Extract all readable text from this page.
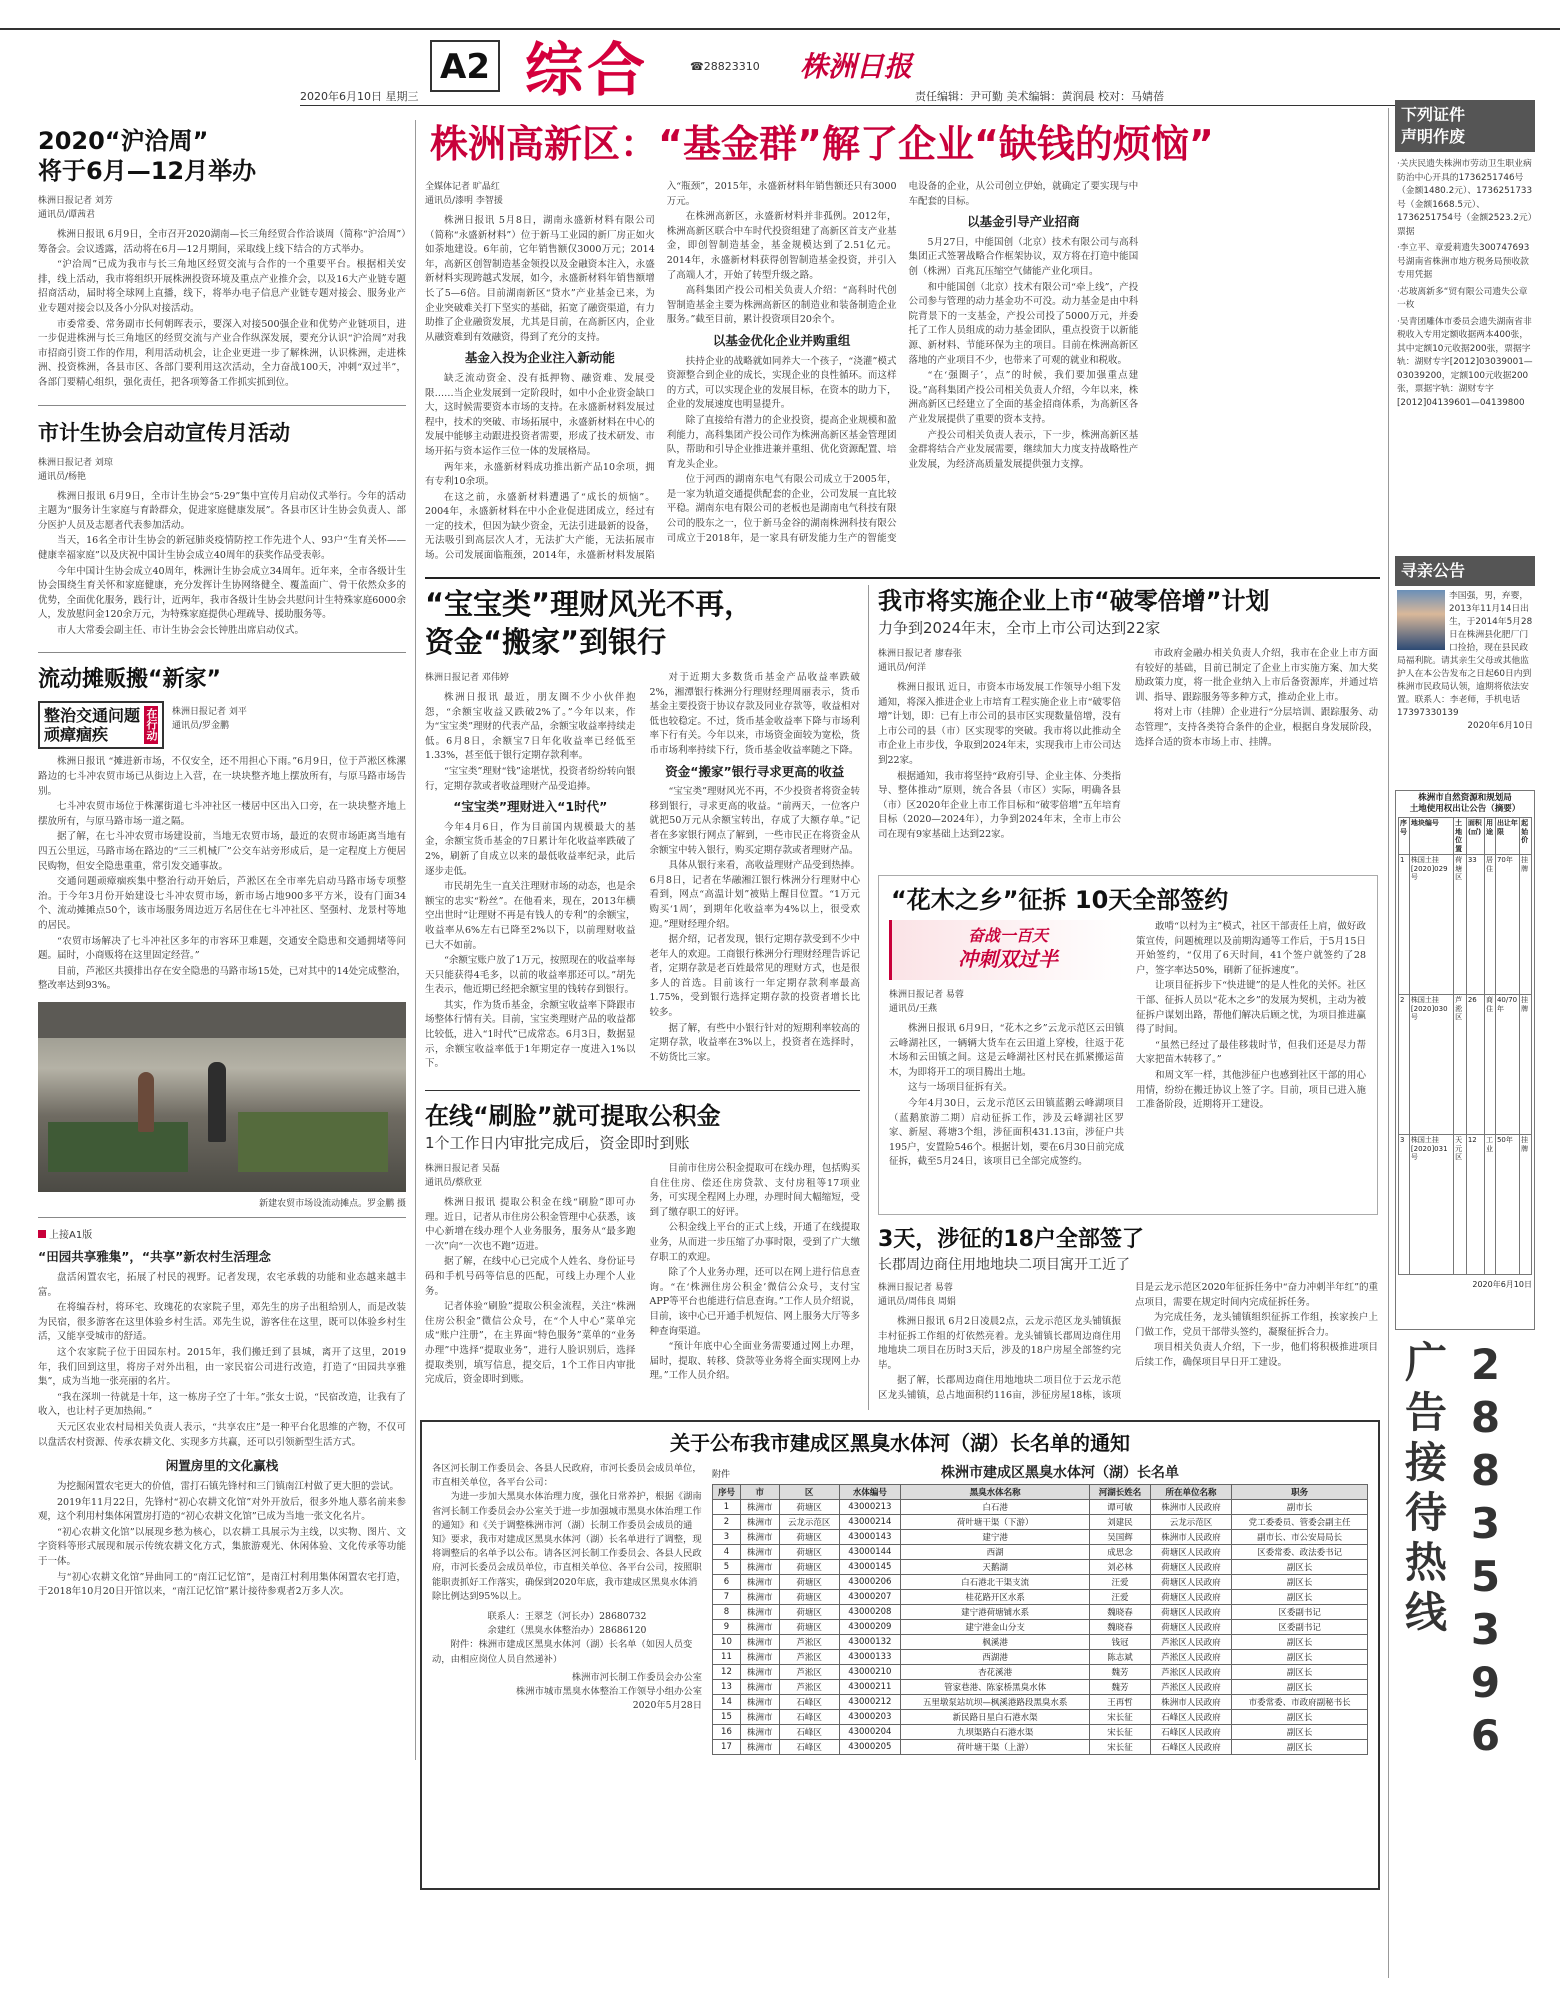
A2
2020年6月10日 星期三 综合	☎28823310 株洲日报
责任编辑：尹可勤 美术编辑：黄润晨 校对：马婧蓓
2020“沪洽周”
将于6月—12月举办
株洲日报记者 刘芳
通讯员/谭茜君

株洲日报讯 6月9日，全市召开2020湖南—长三角经贸合作洽谈周（简称“沪洽周”）筹备会。会议透露，活动将在6月—12月期间，采取线上线下结合的方式举办。

“沪洽周”已成为我市与长三角地区经贸交流与合作的一个重要平台。根据相关安排，线上活动，我市将组织开展株洲投资环境及重点产业推介会，以及16大产业链专题招商活动，届时将全球网上直播，线下，将举办电子信息产业链专题对接会、服务业产业专题对接会以及各小分队对接活动。

市委常委、常务副市长何朝晖表示，要深入对接500强企业和优势产业链项目，进一步促进株洲与长三角地区的经贸交流与产业合作纵深发展，要充分认识“沪洽周”对我市招商引资工作的作用，利用活动机会，让企业更进一步了解株洲，认识株洲，走进株洲、投资株洲，各县市区、各部门要利用这次活动，全力奋战100天，冲刺“双过半”，各部门要精心组织，强化责任，把各项筹备工作抓实抓到位。

市计生协会启动宣传月活动
株洲日报记者 刘琼
通讯员/杨艳

株洲日报讯 6月9日，全市计生协会“5·29”集中宣传月启动仪式举行。今年的活动主题为“服务计生家庭与育龄群众，促进家庭健康发展”。各县市区计生协会负责人、部分医护人员及志愿者代表参加活动。

当天，16名全市计生协会的新冠肺炎疫情防控工作先进个人、93户“生育关怀——健康幸福家庭”以及庆祝中国计生协会成立40周年的获奖作品受表彰。

今年中国计生协会成立40周年，株洲计生协会成立34周年。近年来，全市各级计生协会围绕生育关怀和家庭健康，充分发挥计生协网络健全、覆盖面广、骨干依然众多的优势，全面优化服务，践行计，近两年，我市各级计生协会共慰问计生特殊家庭6000余人，发放慰问金120余万元，为特殊家庭提供心理疏导、援助服务等。

市人大常委会副主任、市计生协会会长钟胜出席启动仪式。

流动摊贩搬“新家”
整治交通问题
顽瘴痼疾	在行动 株洲日报记者 刘平
通讯员/罗金鹏

株洲日报讯 “摊进新市场，不仅安全，还不用担心下雨。”6月9日，位于芦淞区株漯路边的七斗冲农贸市场已从街边上入营，在一块块整齐地上摆放所有，与原马路市场告别。

七斗冲农贸市场位于株漯街道七斗冲社区一楼居中区出入口旁，在一块块整齐地上摆放所有，与原马路市场一道之隔。

据了解，在七斗冲农贸市场建设前，当地无农贸市场，最近的农贸市场距离当地有四五公里远，马路市场在路边的“三三机械厂”公交车站旁形成后，是一定程度上方便居民购物，但安全隐患重重，常引发交通事故。

交通问题顽瘴痼疾集中整治行动开始后，芦淞区在全市率先启动马路市场专项整治。于今年3月份开始建设七斗冲农贸市场，新市场占地900多平方米，设有门面34个、流动摊摊点50个，该市场服务周边近万名居住在七斗冲社区、坚强村、龙景村等地的居民。

“农贸市场解决了七斗冲社区多年的市容环卫难题，交通安全隐患和交通拥堵等问题。届时，小商贩将在这里固定经营。”

目前，芦淞区共摸排出存在安全隐患的马路市场15处，已对其中的14处完成整治，整改率达到93%。

新建农贸市场设流动摊点。罗金鹏 摄
上接A1版
“田园共享雅集”，“共享”新农村生活理念

盘活闲置农宅，拓展了村民的视野。记者发现，农宅承载的功能和业态越来越丰富。

在将编吞村，将环宅、玫瑰花的农家院子里，邓先生的房子出租给别人，而是改装为民宿，很多游客在这里体验乡村生活。邓先生说，游客住在这里，既可以体验乡村生活，又能享受城市的舒适。

这个农家院子位于田园东村。2015年，我们搬迁到了县城，离开了这里，2019年，我们回到这里，将房子对外出租，由一家民宿公司进行改造，打造了“田园共享雅集”，成为当地一张亮丽的名片。

“我在深圳一待就是十年，这一栋房子空了十年。”张女士说，“民宿改造，让我有了收入，也让村子更加热闹。”

天元区农业农村局相关负责人表示，“共享农庄”是一种平台化思维的产物，不仅可以盘活农村资源、传承农耕文化、实现多方共赢，还可以引领新型生活方式。

闲置房里的文化赢栈

为挖掘闲置农宅更大的价值，雷打石镇先锋村和三门镇南江村做了更大胆的尝试。

2019年11月22日，先锋村“初心农耕文化馆”对外开放后，很多外地人慕名前来参观，这个利用村集体闲置房打造的“初心农耕文化馆”已成为当地一张文化名片。

“初心农耕文化馆”以展现乡愁为核心，以农耕工具展示为主线，以实物、图片、文字资料等形式展现和展示传统农耕文化方式，集旅游观光、休闲体验、文化传承等功能于一体。

与“初心农耕文化馆”异曲同工的“南江记忆馆”，是南江村利用集体闲置农宅打造，于2018年10月20日开馆以来，“南江记忆馆”累计接待参观者2万多人次。

株洲高新区：“基金群”解了企业“缺钱的烦恼”
全媒体记者 旷晶红
通讯员/漆明 李智援

株洲日报讯 5月8日，湖南永盛新材料有限公司（简称“永盛新材料”）位于新马工业园的新厂房正如火如荼地建设。6年前，它年销售额仅3000万元；2014年，高新区创智制造基金领投以及金融资本注入，永盛新材料实现跨越式发展，如今，永盛新材料年销售额增长了5—6倍。目前湖南新区“贷水”产业基金已来，为企业突破难关打下坚实的基础，拓宽了融资渠道，有力助推了企业融资发展，尤其是目前，在高新区内，企业从融资难到有效融资，得到了充分的支持。

基金入投为企业注入新动能

缺乏流动资金、没有抵押物、融资难、发展受限……当企业发展到一定阶段时，如中小企业资金缺口大，这时候需要资本市场的支持。在永盛新材料发展过程中，技术的突破、市场拓展中，永盛新材料在中心的发展中能够主动跟进投资者需要，形成了技术研发、市场开拓与资本运作三位一体的发展格局。

两年来，永盛新材料成功推出新产品10余项，拥有专利10余项。

在这之前，永盛新材料遭遇了“成长的烦恼”。2004年，永盛新材料在中小企业促进团成立，经过有一定的技术，但因为缺少资金，无法引进最新的设备，无法吸引到高层次人才，无法扩大产能，无法拓展市场。公司发展面临瓶颈，2014年，永盛新材料发展陷入“瓶颈”，2015年，永盛新材料年销售额还只有3000万元。

在株洲高新区，永盛新材料并非孤例。2012年，株洲高新区联合中车时代投资组建了高新区首支产业基金，即创智制造基金，基金规模达到了2.51亿元。2014年，永盛新材料获得创智制造基金投资，并引入了高端人才，开始了转型升级之路。

高科集团产投公司相关负责人介绍：“高科时代创智制造基金主要为株洲高新区的制造业和装备制造企业服务。”截至目前，累计投资项目20余个。

以基金优化企业并购重组

扶持企业的战略就如同养大一个孩子，“浇灌”模式资源整合到企业的成长，实现企业的良性循环。而这样的方式，可以实现企业的发展目标，在资本的助力下，企业的发展速度也明显提升。

除了直接给有潜力的企业投资，提高企业规模和盈利能力，高科集团产投公司作为株洲高新区基金管理团队，帮助和引导企业推进兼并重组、优化资源配置、培育龙头企业。

位于河西的湖南东电气有限公司成立于2005年，是一家为轨道交通提供配套的企业，公司发展一直比较平稳。湖南东电有限公司的老板也是湖南电气科技有限公司的股东之一，位于新马金谷的湖南株洲科技有限公司成立于2018年，是一家具有研发能力生产的智能变电设备的企业，从公司创立伊始，就确定了要实现与中车配套的目标。

以基金引导产业招商

5月27日，中能国创（北京）技术有限公司与高科集团正式签署战略合作框架协议，双方将在打造中能国创（株洲）百兆瓦压缩空气储能产业化项目。

和中能国创（北京）技术有限公司“牵上线”，产投公司参与管理的动力基金功不可没。动力基金是由中科院背景下的一支基金，产投公司投了5000万元，并委托了工作人员组成的动力基金团队，重点投资于以新能源、新材料、节能环保为主的项目。目前在株洲高新区落地的产业项目不少，也带来了可观的就业和税收。

“在‘强圈子’，点”的时候，我们要加强重点建设。”高科集团产投公司相关负责人介绍，今年以来，株洲高新区已经建立了全面的基金招商体系，为高新区各产业发展提供了重要的资本支持。

产投公司相关负责人表示，下一步，株洲高新区基金群将结合产业发展需要，继续加大力度支持战略性产业发展，为经济高质量发展提供强力支撑。

“宝宝类”理财风光不再，
资金“搬家”到银行
株洲日报记者 邓伟婷

株洲日报讯 最近，朋友圈不少小伙伴抱怨，“余额宝收益又跌破2%了。”今年以来，作为“宝宝类”理财的代表产品，余额宝收益率持续走低。6月8日，余额宝7日年化收益率已经低至1.33%，甚至低于银行定期存款利率。

“宝宝类”理财“钱”途堪忧，投资者纷纷转向银行，定期存款或者收益理财产品受追捧。

“宝宝类”理财进入“1时代”

今年4月6日，作为目前国内规模最大的基金，余额宝货币基金的7日累计年化收益率跌破了2%，刷新了自成立以来的最低收益率纪录，此后逐步走低。

市民胡先生一直关注理财市场的动态，也是余额宝的忠实“粉丝”。在他看来，现在，2013年横空出世时“让理财不再是有钱人的专利”的余额宝，收益率从6%左右已降至2%以下，以前理财收益已大不如前。

“余额宝账户放了1万元，按照现在的收益率每天只能获得4毛多，以前的收益率那还可以。”胡先生表示，他近期已经把余额宝里的钱转存到银行。

其实，作为货币基金，余额宝收益率下降跟市场整体行情有关。目前，宝宝类理财产品的收益都比较低，进入“1时代”已成常态。6月3日，数据显示，余额宝收益率低于1年期定存一度进入1%以下。

对于近期大多数货币基金产品收益率跌破2%，湘潭银行株洲分行理财经理周丽表示，货币基金主要投资于协议存款及同业存款等，收益相对低也较稳定。不过，货币基金收益率下降与市场利率下行有关。今年以来，市场资金面较为宽松，货币市场利率持续下行，货币基金收益率随之下降。

资金“搬家”银行寻求更高的收益

“宝宝类”理财风光不再，不少投资者将资金转移到银行，寻求更高的收益。“前两天，一位客户就把50万元从余额宝转出，存成了大额存单。”记者在多家银行网点了解到，一些市民正在将资金从余额宝中转入银行，购买定期存款或者理财产品。

具体从银行来看，高收益理财产品受到热捧。6月8日，记者在华融湘江银行株洲分行理财中心看到，网点“高温计划”被贴上醒目位置。“1万元购买‘1周’，到期年化收益率为4%以上，很受欢迎。”理财经理介绍。

据介绍，记者发现，银行定期存款受到不少中老年人的欢迎。工商银行株洲分行理财经理告诉记者，定期存款是老百姓最常见的理财方式，也是很多人的首选。目前该行一年定期存款利率最高1.75%，受到银行选择定期存款的投资者增长比较多。

据了解，有些中小银行针对的短期利率较高的定期存款，收益率在3%以上，投资者在选择时，不妨货比三家。

在线“刷脸”就可提取公积金
1个工作日内审批完成后，资金即时到账
株洲日报记者 吴磊
通讯员/蔡欣亚

株洲日报讯 提取公积金在线“刷脸”即可办理。近日，记者从市住房公积金管理中心获悉，该中心新增在线办理个人业务服务，服务从“最多跑一次”向“一次也不跑”迈进。

据了解，在线中心已完成个人姓名、身份证号码和手机号码等信息的匹配，可线上办理个人业务。

记者体验“刷脸”提取公积金流程，关注“株洲住房公积金”微信公众号，在“个人中心”菜单完成“账户注册”，在主界面“特色服务”菜单的“业务办理”中选择“提取业务”，进行人脸识别后，选择提取类别，填写信息，提交后，1个工作日内审批完成后，资金即时到账。

目前市住房公积金提取可在线办理，包括购买自住住房、偿还住房贷款、支付房租等17项业务，可实现全程网上办理，办理时间大幅缩短，受到了缴存职工的好评。

公积金线上平台的正式上线，开通了在线提取业务，从而进一步压缩了办事时限，受到了广大缴存职工的欢迎。

除了个人业务办理，还可以在网上进行信息查询。“在‘株洲住房公积金’微信公众号，支付宝APP等平台也能进行信息查询。”工作人员介绍说，目前，该中心已开通手机短信、网上服务大厅等多种查询渠道。

“预计年底中心全面业务需要通过网上办理，届时，提取、转移、贷款等业务将全面实现网上办理。”工作人员介绍。

我市将实施企业上市“破零倍增”计划
力争到2024年末，全市上市公司达到22家
株洲日报记者 廖春张
通讯员/何洋

株洲日报讯 近日，市资本市场发展工作领导小组下发通知，将深入推进企业上市培育工程实施企业上市“破零倍增”计划，即：已有上市公司的县市区实现数量倍增，没有上市公司的县（市）区实现零的突破。我市将以此推动全市企业上市步伐，争取到2024年末，实现我市上市公司达到22家。

根据通知，我市将坚持“政府引导、企业主体、分类指导、整体推动”原则，统合各县（市区）实际，明确各县（市）区2020年企业上市工作目标和“破零倍增”五年培育目标（2020—2024年），力争到2024年末，全市上市公司在现有9家基础上达到22家。

市政府金融办相关负责人介绍，我市在企业上市方面有较好的基础，目前已制定了企业上市实施方案、加大奖励政策力度，将一批企业纳入上市后备资源库，并通过培训、指导、跟踪服务等多种方式，推动企业上市。

将对上市（挂牌）企业进行“分层培训、跟踪服务、动态管理”，支持各类符合条件的企业，根据自身发展阶段，选择合适的资本市场上市、挂牌。

“花木之乡”征拆 10天全部签约
奋战一百天
冲刺双过半
株洲日报记者 易蓉
通讯员/王燕

株洲日报讯 6月9日，“花木之乡”云龙示范区云田镇云峰湖社区，一辆辆大货车在云田道上穿梭，往返于花木场和云田镇之间。这是云峰湖社区村民在抓紧搬运苗木，为即将开工的项目腾出土地。

这与一场项目征拆有关。

今年4月30日，云龙示范区云田镇蓝鹅云峰湖项目（蓝鹅旅游二期）启动征拆工作，涉及云峰湖社区罗家、新屋、蒋塘3个组，涉征面积431.13亩，涉征户共195户，安置险546个。根据计划，要在6月30日前完成征拆，截至5月24日，该项目已全部完成签约。

敢啃“以村为主”模式，社区干部责任上肩，做好政策宣传，问题梳理以及前期沟通等工作后，于5月15日开始签约，“仅用了6天时间，41个签户就签约了28户，签字率达50%，刷新了征拆速度”。

让项目征拆步下“快进键”的是人性化的关怀。社区干部、征拆人员以“花木之乡”的发展为契机，主动为被征拆户谋划出路，帮他们解决后顾之忧，为项目推进赢得了时间。

“虽然已经过了最佳移栽时节，但我们还是尽力帮大家把苗木转移了。”

和周文军一样，其他涉征户也感到社区干部的用心用情，纷纷在搬迁协议上签了字。目前，项目已进入施工准备阶段，近期将开工建设。

3天，涉征的18户全部签了
长郡周边商住用地地块二项目寓开工近了
株洲日报记者 易蓉
通讯员/周伟良 周娟

株洲日报讯 6月2日凌晨2点，云龙示范区龙头铺镇振丰村征拆工作组的灯依然亮着。龙头铺镇长郡周边商住用地地块二项目在历时3天后，涉及的18户房屋全部签约完毕。

据了解，长郡周边商住用地地块二项目位于云龙示范区龙头铺镇，总占地面积约116亩，涉征房屋18栋，该项目是云龙示范区2020年征拆任务中“奋力冲刺半年红”的重点项目，需要在规定时间内完成征拆任务。

为完成任务，龙头铺镇组织征拆工作组，挨家挨户上门做工作，党员干部带头签约，凝聚征拆合力。

项目相关负责人介绍，下一步，他们将积极推进项目后续工作，确保项目早日开工建设。

关于公布我市建成区黑臭水体河（湖）长名单的通知
各区河长制工作委员会、各县人民政府，市河长委员会成员单位，市直相关单位，各平台公司：
为进一步加大黑臭水体治理力度，强化日常养护，根据《湖南省河长制工作委员会办公室关于进一步加强城市黑臭水体治理工作的通知》和《关于调整株洲市河（湖）长制工作委员会成员的通知》要求，我市对建成区黑臭水体河（湖）长名单进行了调整，现将调整后的名单予以公布。请各区河长制工作委员会、各县人民政府，市河长委员会成员单位，市直相关单位、各平台公司，按照职能职责抓好工作落实，确保到2020年底，我市建成区黑臭水体消除比例达到95%以上。
联系人：王翠芝（河长办）28680732
余建红（黑臭水体整治办）28686120
附件：株洲市建成区黑臭水体河（湖）长名单（如因人员变动，由相应岗位人员自然递补）
株洲市河长制工作委员会办公室
株洲市城市黑臭水体整治工作领导小组办公室
2020年5月28日
附件	株洲市建成区黑臭水体河（湖）长名单
序号	市	区	水体编号	黑臭水体名称	河湖长姓名	所在单位名称	职务
1	株洲市	荷塘区	43000213	白石港	谭可敏	株洲市人民政府	副市长
2	株洲市	云龙示范区	43000214	荷叶塘干渠（下游）	刘建民	云龙示范区	党工委委员、管委会副主任
3	株洲市	荷塘区	43000143	建宁港	吴国辉	株洲市人民政府	副市长、市公安局局长
4	株洲市	荷塘区	43000144	西湖	成思念	荷塘区人民政府	区委常委、政法委书记
5	株洲市	荷塘区	43000145	天鹅湖	刘必林	荷塘区人民政府	副区长
6	株洲市	荷塘区	43000206	白石港北干渠支流	汪爱	荷塘区人民政府	副区长
7	株洲市	荷塘区	43000207	桂花路开区水系	汪爱	荷塘区人民政府	副区长
8	株洲市	荷塘区	43000208	建宁港荷塘铺水系	魏晓春	荷塘区人民政府	区委副书记
9	株洲市	荷塘区	43000209	建宁港金山分支	魏晓春	荷塘区人民政府	区委副书记
10	株洲市	芦淞区	43000132	枫溪港	钱冠	芦淞区人民政府	副区长
11	株洲市	芦淞区	43000133	西湖港	陈志斌	芦淞区人民政府	副区长
12	株洲市	芦淞区	43000210	杏花溪港	魏芳	芦淞区人民政府	副区长
13	株洲市	芦淞区	43000211	管家巷港、陈家桥黑臭水体	魏芳	芦淞区人民政府	副区长
14	株洲市	石峰区	43000212	五里墩泵站坑坝—枫溪港路段黑臭水系	王再哲	株洲市人民政府	市委常委、市政府副秘书长
15	株洲市	石峰区	43000203	新民路日星白石港水渠	宋长征	石峰区人民政府	副区长
16	株洲市	石峰区	43000204	九坝渠路白石港水渠	宋长征	石峰区人民政府	副区长
17	株洲市	石峰区	43000205	荷叶塘干渠（上游）	宋长征	石峰区人民政府	副区长
下列证件
声明作废
·关庆民遗失株洲市劳动卫生职业病防治中心开具的1736251746号（金额1480.2元）、1736251733号（金额1668.5元）、1736251754号（金额2523.2元）票据
·李立平、章爱莉遗失300747693号湖南省株洲市地方税务局预收款专用凭据
·芯玻离新多“贸有限公司遗失公章一枚
·吴青团雕体市委员会遗失湖南省非税收入专用定额收据两本400张，其中定额10元收据200张，票据字轨：湖财专字[2012]03039001—03039200，定额100元收据200张，票据字轨：湖财专字[2012]04139601—04139800
寻亲公告
李国强，男，弃婴，2013年11月14日出生，于2014年5月28日在株洲县化肥厂门口捡拾，现在县民政局福利院。请其亲生父母或其他监护人在本公告发布之日起60日内到株洲市民政局认领，逾期将依法安置。联系人：李老师，手机电话17397330139
2020年6月10日
株洲市自然资源和规划局
土地使用权出让公告（摘要）
序号	地块编号	土地位置	面积(㎡)	用途	出让年限	起始价
1	株国土挂[2020]029号	荷塘区	33	居住	70年	挂牌
2	株国土挂[2020]030号	芦淞区	26	商住	40/70年	挂牌
3	株国土挂[2020]031号	天元区	12	工业	50年	挂牌
2020年6月10日
广告接待热线 28835396
